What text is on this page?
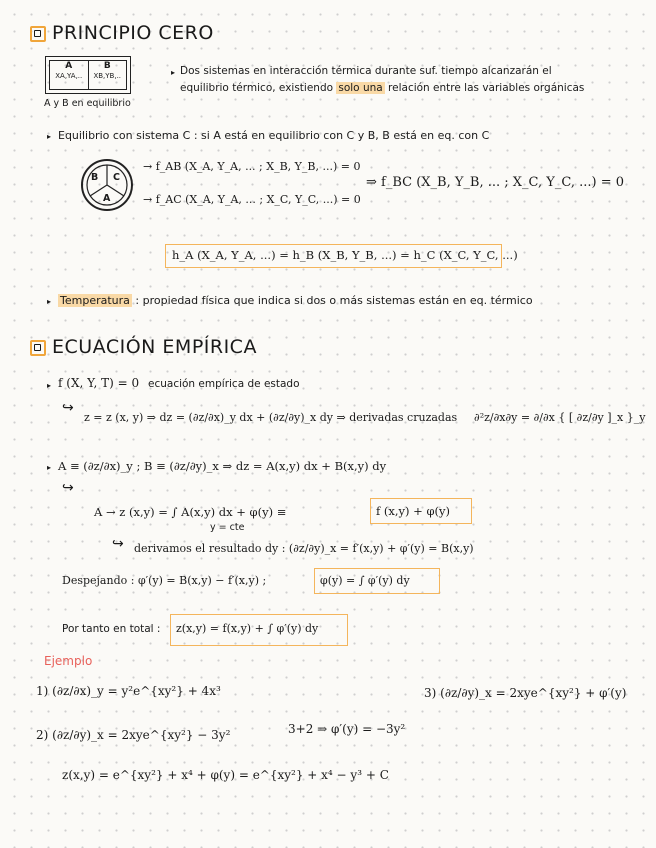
PRINCIPIO CERO
A
XA,YA,..
B
XB,YB,..
A y B en equilibrio
▸ Dos sistemas en interacción térmica durante suf. tiempo alcanzarán el
equilibrio térmico, existiendo solo una relación entre las variables orgánicas
▸ Equilibrio con sistema C : si A está en equilibrio con C y B, B está en eq. con C
B C
A
→ f_AB (X_A, Y_A, ... ; X_B, Y_B, ...) = 0
→ f_AC (X_A, Y_A, ... ; X_C, Y_C, ...) = 0
⇒ f_BC (X_B, Y_B, ... ; X_C, Y_C, ...) = 0
h_A (X_A, Y_A, ...) = h_B (X_B, Y_B, ...) = h_C (X_C, Y_C, ...)
▸ Temperatura : propiedad física que indica si dos o más sistemas están en eq. térmico
ECUACIÓN EMPÍRICA
▸ f (X, Y, T) = 0 ecuación empírica de estado
↪
z = z (x, y) ⇒ dz = (∂z/∂x)_y dx + (∂z/∂y)_x dy ⇒ derivadas cruzadas ∂²z/∂x∂y = ∂/∂x { [ ∂z/∂y ]_x }_y
▸ A ≡ (∂z/∂x)_y ; B ≡ (∂z/∂y)_x ⇒ dz = A(x,y) dx + B(x,y) dy
↪
A → z (x,y) = ∫ A(x,y) dx + φ(y) ≡	f (x,y) + φ(y)
y = cte
↪ derivamos el resultado dy : (∂z/∂y)_x = f′(x,y) + φ′(y) = B(x,y)
Despejando : φ′(y) = B(x,y) − f′(x,y) ;	φ(y) = ∫ φ′(y) dy
Por tanto en total : z(x,y) = f(x,y) + ∫ φ′(y) dy
Ejemplo
1) (∂z/∂x)_y = y²e^{xy²} + 4x³	3) (∂z/∂y)_x = 2xye^{xy²} + φ′(y)
2) (∂z/∂y)_x = 2xye^{xy²} − 3y²	3+2 ⇒ φ′(y) = −3y²
z(x,y) = e^{xy²} + x⁴ + φ(y) = e^{xy²} + x⁴ − y³ + C
